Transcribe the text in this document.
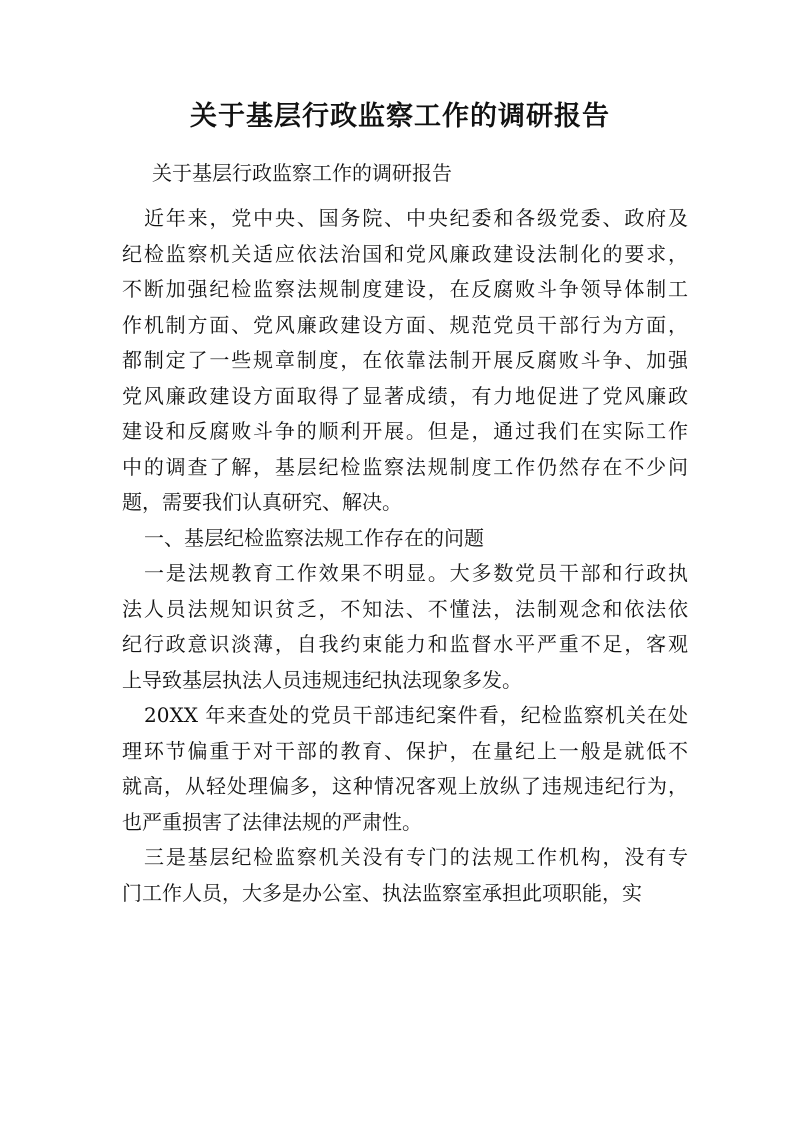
关于基层行政监察工作的调研报告

关于基层行政监察工作的调研报告

近年来，党中央、国务院、中央纪委和各级党委、政府及
纪检监察机关适应依法治国和党风廉政建设法制化的要求，
不断加强纪检监察法规制度建设，在反腐败斗争领导体制工
作机制方面、党风廉政建设方面、规范党员干部行为方面，
都制定了一些规章制度，在依靠法制开展反腐败斗争、加强
党风廉政建设方面取得了显著成绩，有力地促进了党风廉政
建设和反腐败斗争的顺利开展。但是，通过我们在实际工作
中的调查了解，基层纪检监察法规制度工作仍然存在不少问
题，需要我们认真研究、解决。

一、基层纪检监察法规工作存在的问题

一是法规教育工作效果不明显。大多数党员干部和行政执
法人员法规知识贫乏，不知法、不懂法，法制观念和依法依
纪行政意识淡薄，自我约束能力和监督水平严重不足，客观
上导致基层执法人员违规违纪执法现象多发。

20XX 年来查处的党员干部违纪案件看，纪检监察机关在处
理环节偏重于对干部的教育、保护，在量纪上一般是就低不
就高，从轻处理偏多，这种情况客观上放纵了违规违纪行为，
也严重损害了法律法规的严肃性。

三是基层纪检监察机关没有专门的法规工作机构，没有专
门工作人员，大多是办公室、执法监察室承担此项职能，实
